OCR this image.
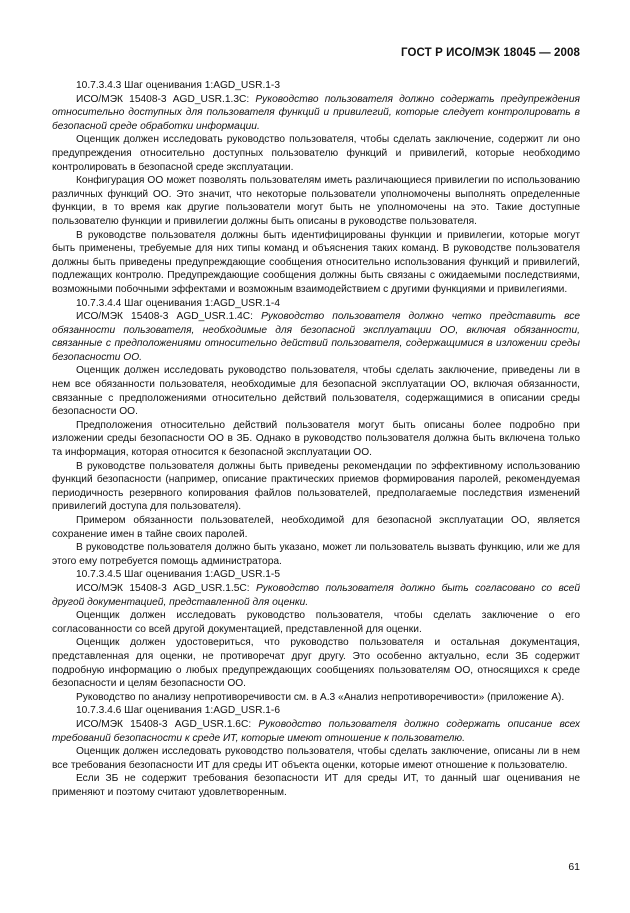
ГОСТ Р ИСО/МЭК 18045 — 2008

10.7.3.4.3 Шаг оценивания 1:AGD_USR.1-3

ИСО/МЭК 15408-3 AGD_USR.1.3C: Руководство пользователя должно содержать предупреждения относительно доступных для пользователя функций и привилегий, которые следует контролировать в безопасной среде обработки информации.

Оценщик должен исследовать руководство пользователя, чтобы сделать заключение, содержит ли оно предупреждения относительно доступных пользователю функций и привилегий, которые необходимо контролировать в безопасной среде эксплуатации.

Конфигурация ОО может позволять пользователям иметь различающиеся привилегии по использованию различных функций ОО. Это значит, что некоторые пользователи уполномочены выполнять определенные функции, в то время как другие пользователи могут быть не уполномочены на это. Такие доступные пользователю функции и привилегии должны быть описаны в руководстве пользователя.

В руководстве пользователя должны быть идентифицированы функции и привилегии, которые могут быть применены, требуемые для них типы команд и объяснения таких команд. В руководстве пользователя должны быть приведены предупреждающие сообщения относительно использования функций и привилегий, подлежащих контролю. Предупреждающие сообщения должны быть связаны с ожидаемыми последствиями, возможными побочными эффектами и возможным взаимодействием с другими функциями и привилегиями.

10.7.3.4.4 Шаг оценивания 1:AGD_USR.1-4

ИСО/МЭК 15408-3 AGD_USR.1.4C: Руководство пользователя должно четко представить все обязанности пользователя, необходимые для безопасной эксплуатации ОО, включая обязанности, связанные с предположениями относительно действий пользователя, содержащимися в изложении среды безопасности ОО.

Оценщик должен исследовать руководство пользователя, чтобы сделать заключение, приведены ли в нем все обязанности пользователя, необходимые для безопасной эксплуатации ОО, включая обязанности, связанные с предположениями относительно действий пользователя, содержащимися в описании среды безопасности ОО.

Предположения относительно действий пользователя могут быть описаны более подробно при изложении среды безопасности ОО в ЗБ. Однако в руководство пользователя должна быть включена только та информация, которая относится к безопасной эксплуатации ОО.

В руководстве пользователя должны быть приведены рекомендации по эффективному использованию функций безопасности (например, описание практических приемов формирования паролей, рекомендуемая периодичность резервного копирования файлов пользователей, предполагаемые последствия изменений привилегий доступа для пользователя).

Примером обязанности пользователей, необходимой для безопасной эксплуатации ОО, является сохранение имен в тайне своих паролей.

В руководстве пользователя должно быть указано, может ли пользователь вызвать функцию, или же для этого ему потребуется помощь администратора.

10.7.3.4.5 Шаг оценивания 1:AGD_USR.1-5

ИСО/МЭК 15408-3 AGD_USR.1.5C: Руководство пользователя должно быть согласовано со всей другой документацией, представленной для оценки.

Оценщик должен исследовать руководство пользователя, чтобы сделать заключение о его согласованности со всей другой документацией, представленной для оценки.

Оценщик должен удостовериться, что руководство пользователя и остальная документация, представленная для оценки, не противоречат друг другу. Это особенно актуально, если ЗБ содержит подробную информацию о любых предупреждающих сообщениях пользователям ОО, относящихся к среде безопасности и целям безопасности ОО.

Руководство по анализу непротиворечивости см. в А.3 «Анализ непротиворечивости» (приложение А).

10.7.3.4.6 Шаг оценивания 1:AGD_USR.1-6

ИСО/МЭК 15408-3 AGD_USR.1.6C: Руководство пользователя должно содержать описание всех требований безопасности к среде ИТ, которые имеют отношение к пользователю.

Оценщик должен исследовать руководство пользователя, чтобы сделать заключение, описаны ли в нем все требования безопасности ИТ для среды ИТ объекта оценки, которые имеют отношение к пользователю.

Если ЗБ не содержит требования безопасности ИТ для среды ИТ, то данный шаг оценивания не применяют и поэтому считают удовлетворенным.

61
